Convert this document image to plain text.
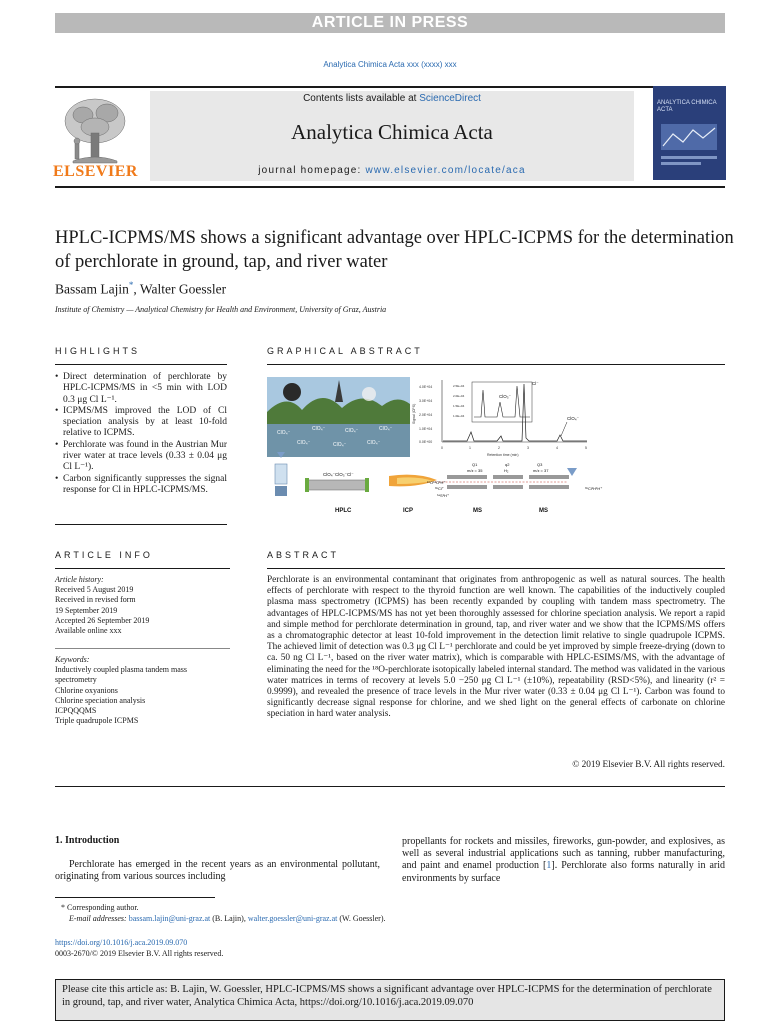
ARTICLE IN PRESS
Analytica Chimica Acta xxx (xxxx) xxx
ELSEVIER
Contents lists available at ScienceDirect
Analytica Chimica Acta
journal homepage: www.elsevier.com/locate/aca
ANALYTICA CHIMICA ACTA
HPLC-ICPMS/MS shows a significant advantage over HPLC-ICPMS for the determination of perchlorate in ground, tap, and river water
Bassam Lajin*, Walter Goessler
Institute of Chemistry — Analytical Chemistry for Health and Environment, University of Graz, Austria
HIGHLIGHTS

• Direct determination of perchlorate by HPLC-ICPMS/MS in <5 min with LOD 0.3 μg Cl L⁻¹.

• ICPMS/MS improved the LOD of Cl speciation analysis by at least 10-fold relative to ICPMS.

• Perchlorate was found in the Austrian Mur river water at trace levels (0.33 ± 0.04 μg Cl L⁻¹).

• Carbon significantly suppresses the signal response for Cl in HPLC-ICPMS/MS.

GRAPHICAL ABSTRACT
ClO₄⁻
ClO₄⁻	ClO₄⁻	ClO₄⁻
ClO₄⁻	ClO₄⁻	ClO₄⁻
4.0E+04
3.0E+04
2.0E+04
1.0E+04
0.0E+00
0	1	2	3	4	5
Retention time (min)
Signal (CPS)
2.5E+04
2.0E+04
1.5E+04
1.0E+04
ClO₃⁻
Cl⁻
ClO₄⁻
ClO₄⁻ ClO₃⁻ Cl⁻
Q1
m/z = 35
q2
H₂
Q3
m/z = 37
¹⁶O¹⁸O¹H⁺
³⁵Cl⁺
³⁴S¹H⁺
³⁵Cl¹H¹H⁺
HPLC	ICP	MS	MS
ARTICLE INFO
Article history:
Received 5 August 2019
Received in revised form
19 September 2019
Accepted 26 September 2019
Available online xxx
Keywords:
Inductively coupled plasma tandem mass
spectrometry
Chlorine oxyanions
Chlorine speciation analysis
ICPQQQMS
Triple quadrupole ICPMS
ABSTRACT
Perchlorate is an environmental contaminant that originates from anthropogenic as well as natural sources. The health effects of perchlorate with respect to the thyroid function are well known. The capabilities of the inductively coupled plasma mass spectrometry (ICPMS) has been recently expanded by coupling with tandem mass spectrometry. The advantages of HPLC-ICPMS/MS has not yet been thoroughly assessed for chlorine speciation analysis. We report a rapid and simple method for perchlorate determination in ground, tap, and river water and we show that the ICPMS/MS offers as a chromatographic detector at least 10-fold improvement in the detection limit relative to single quadrupole ICPMS. The achieved limit of detection was 0.3 μg Cl L⁻¹ perchlorate and could be yet improved by simple freeze-drying (down to ca. 50 ng Cl L⁻¹, based on the river water matrix), which is comparable with HPLC-ESIMS/MS, with the advantage of eliminating the need for the ¹⁸O-perchlorate isotopically labeled internal standard. The method was validated in the various water matrices in terms of recovery at levels 5.0 −250 μg Cl L⁻¹ (±10%), repeatability (RSD<5%), and linearity (r² = 0.9999), and revealed the presence of trace levels in the Mur river water (0.33 ± 0.04 μg Cl L⁻¹). Carbon was found to significantly decrease signal response for chlorine, and we shed light on the general effects of carbonate on chlorine speciation in hard water analysis.
© 2019 Elsevier B.V. All rights reserved.
1. Introduction
Perchlorate has emerged in the recent years as an environmental pollutant, originating from various sources including
propellants for rockets and missiles, fireworks, gun-powder, and explosives, as well as several industrial applications such as tanning, rubber manufacturing, and paint and enamel production [1]. Perchlorate also forms naturally in arid environments by surface
* Corresponding author.
E-mail addresses: bassam.lajin@uni-graz.at (B. Lajin), walter.goessler@uni-graz.at (W. Goessler).
https://doi.org/10.1016/j.aca.2019.09.070
0003-2670/© 2019 Elsevier B.V. All rights reserved.
Please cite this article as: B. Lajin, W. Goessler, HPLC-ICPMS/MS shows a significant advantage over HPLC-ICPMS for the determination of perchlorate in ground, tap, and river water, Analytica Chimica Acta, https://doi.org/10.1016/j.aca.2019.09.070
